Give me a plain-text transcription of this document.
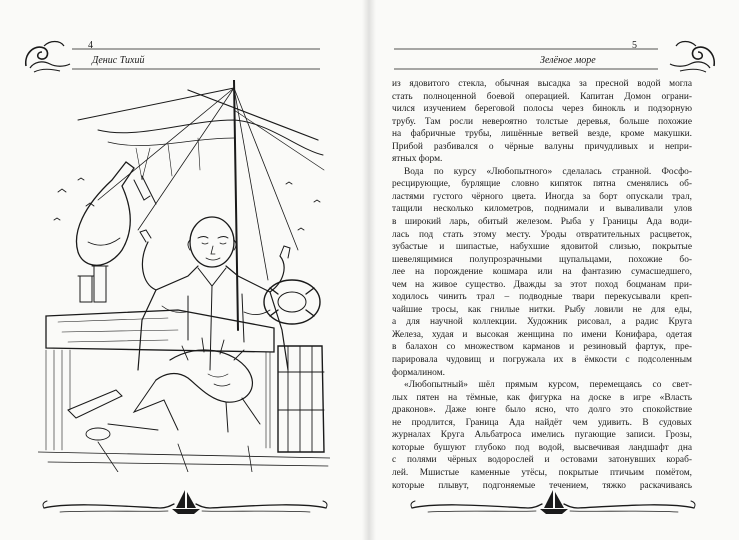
4
Денис Тихий
5
Зелёное море
из ядовитого стекла, обычная высадка за пресной водой могла
стать полноценной боевой операцией. Капитан Домон ограни-
чился изучением береговой полосы через бинокль и подзорную
трубу. Там росли невероятно толстые деревья, больше похожие
на фабричные трубы, лишённые ветвей везде, кроме макушки.
Прибой разбивался о чёрные валуны причудливых и непри-
ятных форм.
Вода по курсу «Любопытного» сделалась странной. Фосфо-
ресцирующие, бурлящие словно кипяток пятна сменялись об-
ластями густого чёрного цвета. Иногда за борт опускали трал,
тащили несколько километров, поднимали и вываливали улов
в широкий ларь, обитый железом. Рыба у Границы Ада води-
лась под стать этому месту. Уроды отвратительных расцветок,
зубастые и шипастые, набухшие ядовитой слизью, покрытые
шевелящимися полупрозрачными щупальцами, похожие бо-
лее на порождение кошмара или на фантазию сумасшедшего,
чем на живое существо. Дважды за этот поход боцманам при-
ходилось чинить трал – подводные твари перекусывали креп-
чайшие тросы, как гнилые нитки. Рыбу ловили не для еды,
а для научной коллекции. Художник рисовал, а радис Круга
Железа, худая и высокая женщина по имени Конифара, одетая
в балахон со множеством карманов и резиновый фартук, пре-
парировала чудовищ и погружала их в ёмкости с подсоленным
формалином.
«Любопытный» шёл прямым курсом, перемещаясь со свет-
лых пятен на тёмные, как фигурка на доске в игре «Власть
драконов». Даже юнге было ясно, что долго это спокойствие
не продлится, Граница Ада найдёт чем удивить. В судовых
журналах Круга Альбатроса имелись пугающие записи. Грозы,
которые бушуют глубоко под водой, высвечивая ландшафт дна
с полями чёрных водорослей и остовами затонувших кораб-
лей. Мшистые каменные утёсы, покрытые птичьим помётом,
которые плывут, подгоняемые течением, тяжко раскачиваясь
